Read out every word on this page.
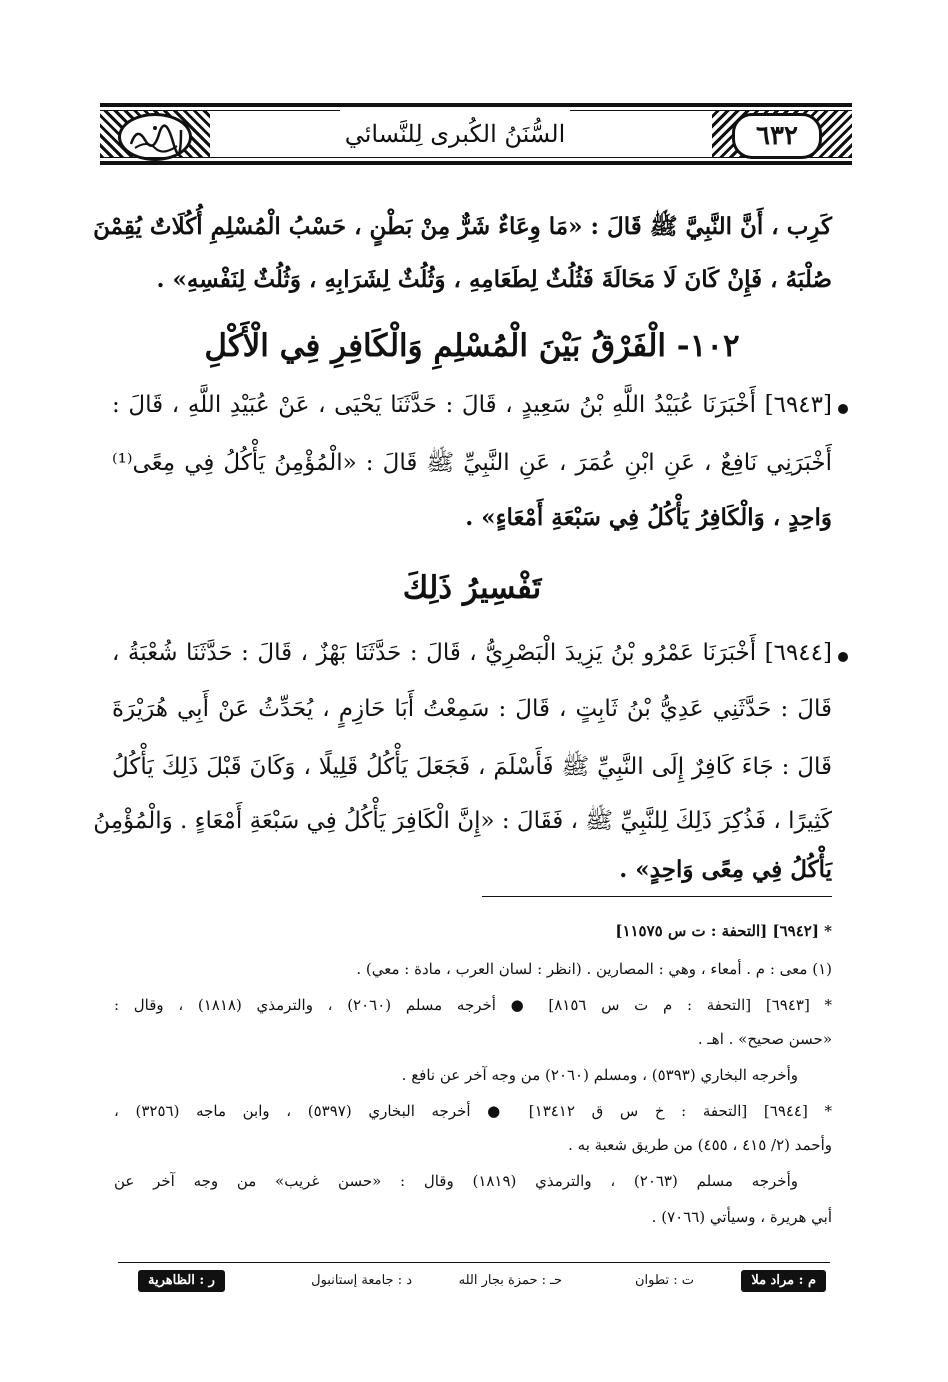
السُّنَنُ الكُبرى لِلنَّسائي	٦٣٢
كَرِب ، أَنَّ النَّبِيَّ ﷺ قَالَ : «مَا وِعَاءٌ شَرٌّ مِنْ بَطْنٍ ، حَسْبُ الْمُسْلِمِ أُكُلَاتٌ يُقِمْنَ
صُلْبَهُ ، فَإِنْ كَانَ لَا مَحَالَةَ فَثُلُثٌ لِطَعَامِهِ ، وَثُلُثٌ لِشَرَابِهِ ، وَثُلُثٌ لِنَفْسِهِ» .
١٠٢- الْفَرْقُ بَيْنَ الْمُسْلِمِ وَالْكَافِرِ فِي الْأَكْلِ
[٦٩٤٣] أَخْبَرَنَا عُبَيْدُ اللَّهِ بْنُ سَعِيدٍ ، قَالَ : حَدَّثَنَا يَحْيَى ، عَنْ عُبَيْدِ اللَّهِ ، قَالَ :
أَخْبَرَنِي نَافِعٌ ، عَنِ ابْنِ عُمَرَ ، عَنِ النَّبِيِّ ﷺ قَالَ : «الْمُؤْمِنُ يَأْكُلُ فِي مِعًى⁽¹⁾
وَاحِدٍ ، وَالْكَافِرُ يَأْكُلُ فِي سَبْعَةِ أَمْعَاءٍ» .
تَفْسِيرُ ذَلِكَ
[٦٩٤٤] أَخْبَرَنَا عَمْرُو بْنُ يَزِيدَ الْبَصْرِيُّ ، قَالَ : حَدَّثَنَا بَهْزٌ ، قَالَ : حَدَّثَنَا شُعْبَةُ ،
قَالَ : حَدَّثَنِي عَدِيُّ بْنُ ثَابِتٍ ، قَالَ : سَمِعْتُ أَبَا حَازِمٍ ، يُحَدِّثُ عَنْ أَبِي هُرَيْرَةَ
قَالَ : جَاءَ كَافِرٌ إِلَى النَّبِيِّ ﷺ فَأَسْلَمَ ، فَجَعَلَ يَأْكُلُ قَلِيلًا ، وَكَانَ قَبْلَ ذَلِكَ يَأْكُلُ
كَثِيرًا ، فَذُكِرَ ذَلِكَ لِلنَّبِيِّ ﷺ ، فَقَالَ : «إِنَّ الْكَافِرَ يَأْكُلُ فِي سَبْعَةِ أَمْعَاءٍ . وَالْمُؤْمِنُ
يَأْكُلُ فِي مِعًى وَاحِدٍ» .
* [٦٩٤٢] [التحفة : ت س ١١٥٧٥]
(١) معى : م . أمعاء ، وهي : المصارين . (انظر : لسان العرب ، مادة : معي) .
* [٦٩٤٣] [التحفة : م ت س ٨١٥٦] ● أخرجه مسلم (٢٠٦٠) ، والترمذي (١٨١٨) ، وقال :
«حسن صحيح» . اهـ .
وأخرجه البخاري (٥٣٩٣) ، ومسلم (٢٠٦٠) من وجه آخر عن نافع .
* [٦٩٤٤] [التحفة : خ س ق ١٣٤١٢] ● أخرجه البخاري (٥٣٩٧) ، وابن ماجه (٣٢٥٦) ،
وأحمد (٢/ ٤١٥ ، ٤٥٥) من طريق شعبة به .
وأخرجه مسلم (٢٠٦٣) ، والترمذي (١٨١٩) وقال : «حسن غريب» من وجه آخر عن
أبي هريرة ، وسيأتي (٧٠٦٦) .
م : مراد ملا
ت : تطوان
حـ : حمزة بجار الله
د : جامعة إستانبول
ر : الظاهرية
